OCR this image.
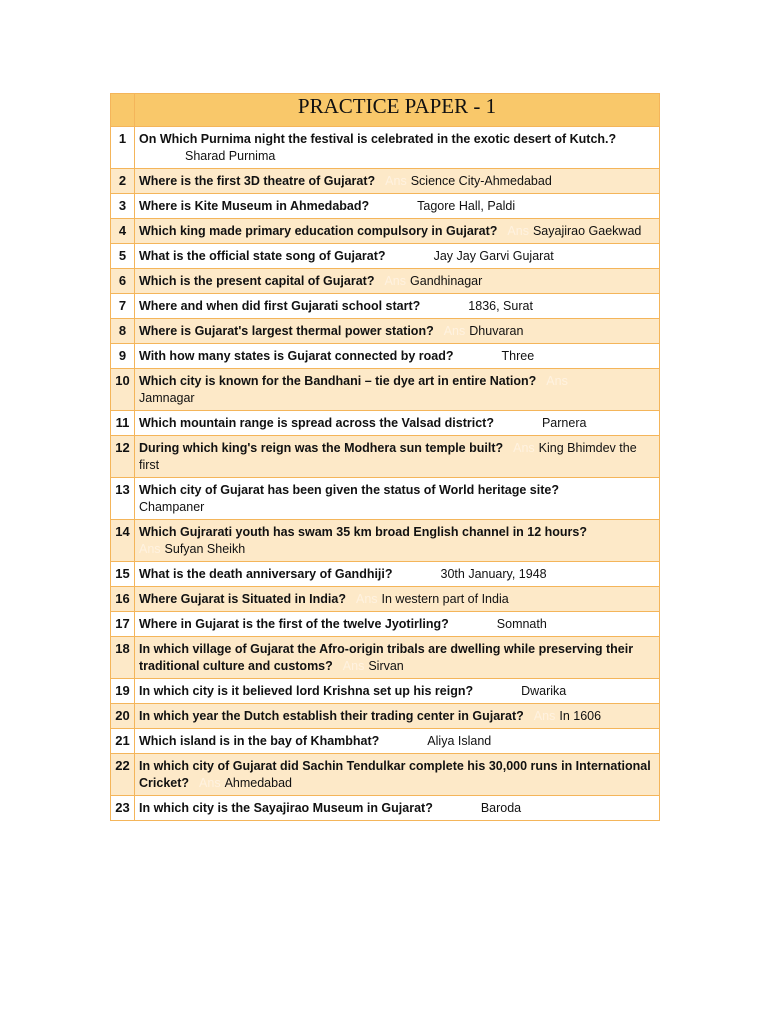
	PRACTICE PAPER - 1
1	On Which Purnima night the festival is celebrated in the exotic desert of Kutch.?
Sharad Purnima
2	Where is the first 3D theatre of Gujarat? Ans Science City-Ahmedabad
3	Where is Kite Museum in Ahmedabad? Tagore Hall, Paldi
4	Which king made primary education compulsory in Gujarat? Ans Sayajirao Gaekwad
5	What is the official state song of Gujarat? Jay Jay Garvi Gujarat
6	Which is the present capital of Gujarat? Ans Gandhinagar
7	Where and when did first Gujarati school start? 1836, Surat
8	Where is Gujarat's largest thermal power station? Ans Dhuvaran
9	With how many states is Gujarat connected by road? Three
10	Which city is known for the Bandhani – tie dye art in entire Nation? Ans
Jamnagar
11	Which mountain range is spread across the Valsad district? Parnera
12	During which king's reign was the Modhera sun temple built? Ans King Bhimdev the first
13	Which city of Gujarat has been given the status of World heritage site?
Champaner
14	Which Gujrarati youth has swam 35 km broad English channel in 12 hours?
Ans Sufyan Sheikh
15	What is the death anniversary of Gandhiji? 30th January, 1948
16	Where Gujarat is Situated in India? Ans In western part of India
17	Where in Gujarat is the first of the twelve Jyotirling? Somnath
18	In which village of Gujarat the Afro-origin tribals are dwelling while preserving their traditional culture and customs? Ans Sirvan
19	In which city is it believed lord Krishna set up his reign? Dwarika
20	In which year the Dutch establish their trading center in Gujarat? Ans In 1606
21	Which island is in the bay of Khambhat? Aliya Island
22	In which city of Gujarat did Sachin Tendulkar complete his 30,000 runs in International Cricket? Ans Ahmedabad
23	In which city is the Sayajirao Museum in Gujarat? Baroda
